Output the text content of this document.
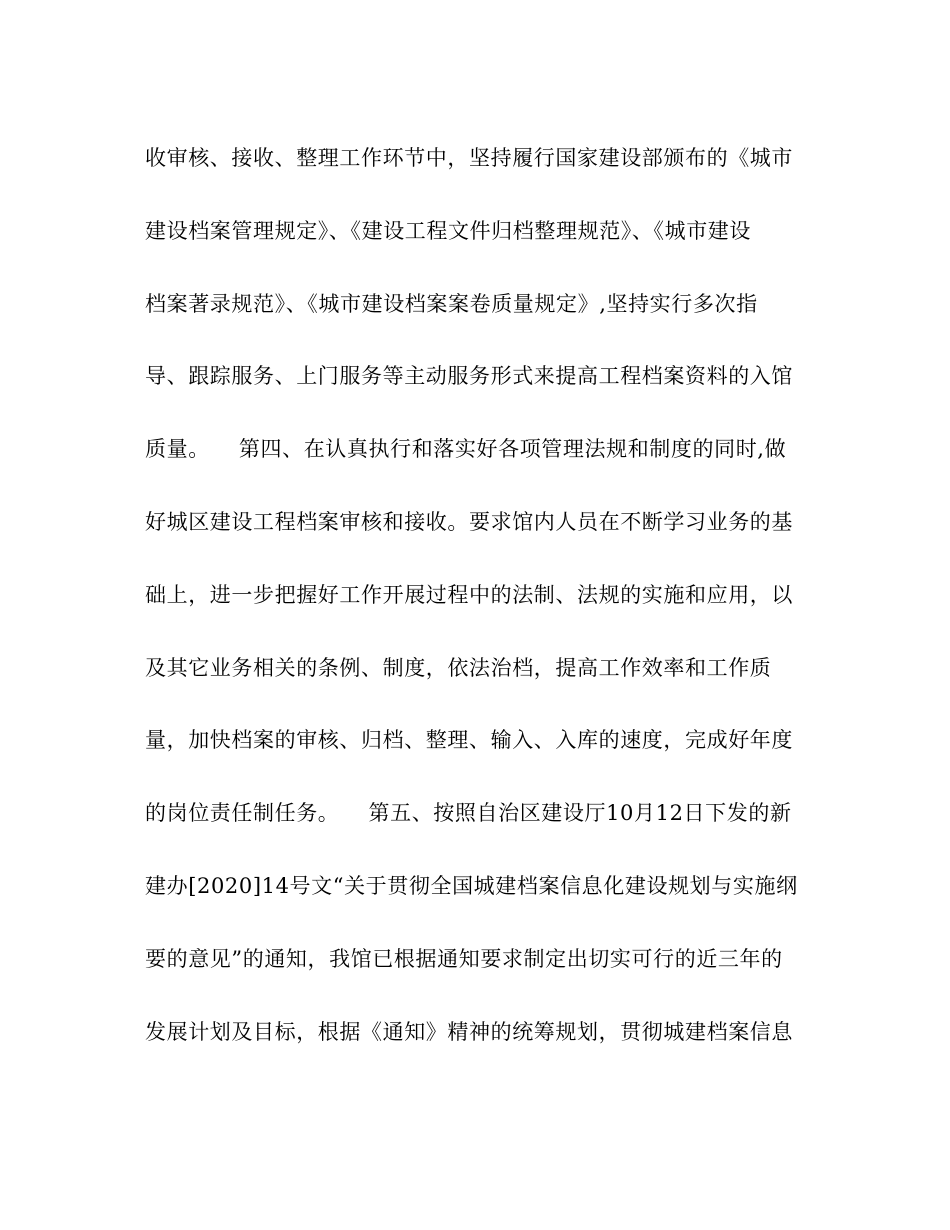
收审核、接收、整理工作环节中，坚持履行国家建设部颁布的《城市
建设档案管理规定》、《建设工程文件归档整理规范》、《城市建设
档案著录规范》、《城市建设档案案卷质量规定》,坚持实行多次指
导、跟踪服务、上门服务等主动服务形式来提高工程档案资料的入馆
质量。    第四、在认真执行和落实好各项管理法规和制度的同时,做
好城区建设工程档案审核和接收。要求馆内人员在不断学习业务的基
础上，进一步把握好工作开展过程中的法制、法规的实施和应用，以
及其它业务相关的条例、制度，依法治档，提高工作效率和工作质
量，加快档案的审核、归档、整理、输入、入库的速度，完成好年度
的岗位责任制任务。    第五、按照自治区建设厅10月12日下发的新
建办[2020]14号文“关于贯彻全国城建档案信息化建设规划与实施纲
要的意见”的通知，我馆已根据通知要求制定出切实可行的近三年的
发展计划及目标，根据《通知》精神的统筹规划，贯彻城建档案信息
